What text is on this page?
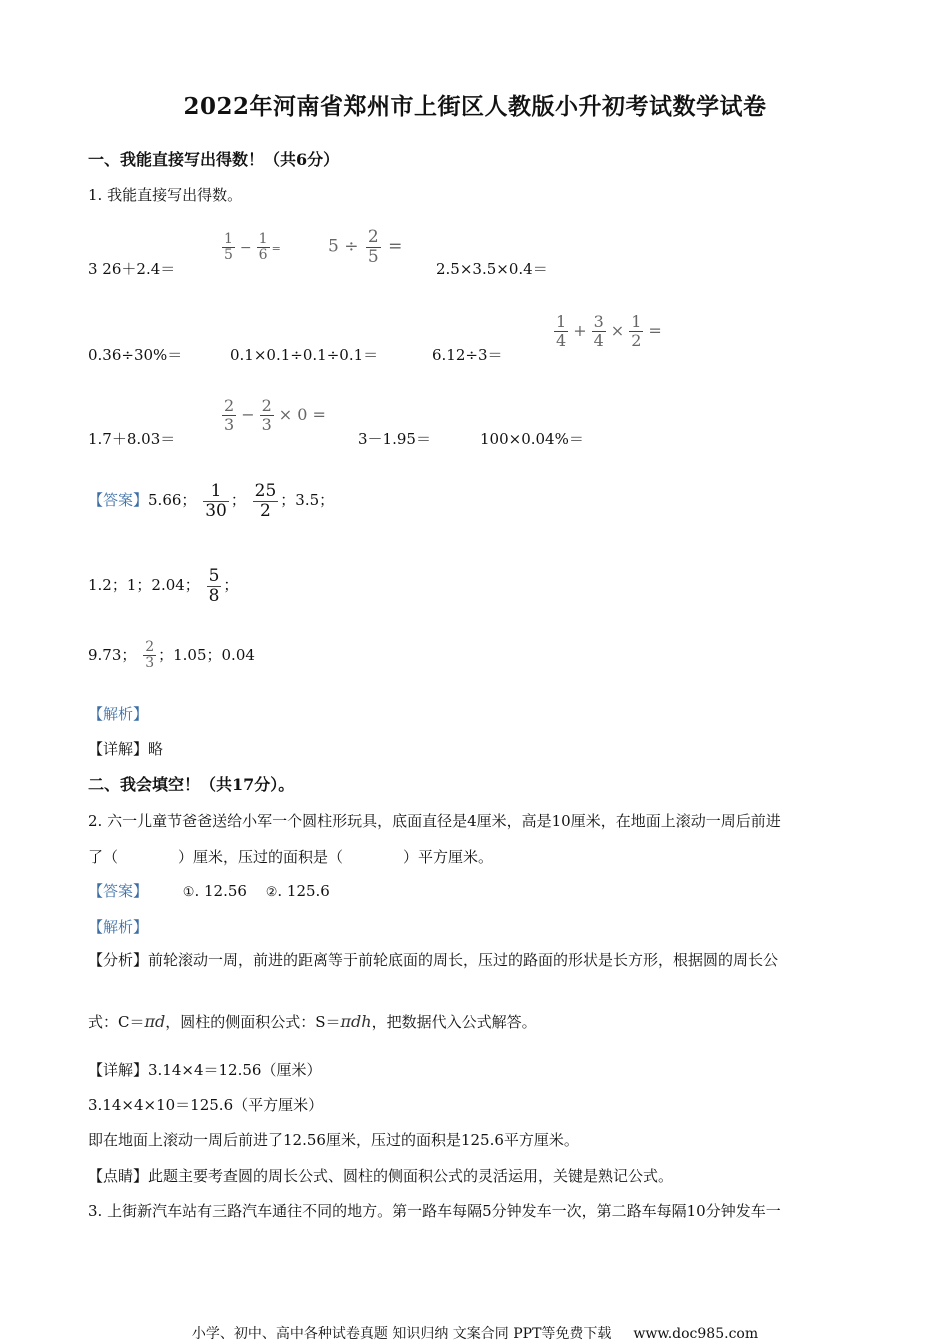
2022年河南省郑州市上街区人教版小升初考试数学试卷
一、我能直接写出得数！（共6分）
1. 我能直接写出得数。
3 26＋2.4＝
$\frac{1}{5} - \frac{1}{6}$ =	$5 \div \frac{2}{5}$ =
2.5×3.5×0.4＝
0.36÷30%＝	0.1×0.1÷0.1÷0.1＝	6.12÷3＝
$\frac{1}{4} + \frac{3}{4} \times \frac{1}{2}$ =
1.7＋8.03＝
$\frac{2}{3} - \frac{2}{3} \times 0$ =
3－1.95＝	100×0.04%＝
【答案】5.66； $\frac{1}{30}$ ； $\frac{25}{2}$ ；3.5；
1.2；1；2.04； $\frac{5}{8}$ ；
9.73； $\frac{2}{3}$ ；1.05；0.04
【解析】
【详解】略
二、我会填空！（共17分）。
2. 六一儿童节爸爸送给小军一个圆柱形玩具，底面直径是4厘米，高是10厘米，在地面上滚动一周后前进
了（　　　　）厘米，压过的面积是（　　　　）平方厘米。
【答案】	①. 12.56 ②. 125.6
【解析】
【分析】前轮滚动一周，前进的距离等于前轮底面的周长，压过的路面的形状是长方形，根据圆的周长公
式：C＝πd，圆柱的侧面积公式：S＝πdh，把数据代入公式解答。
【详解】3.14×4＝12.56（厘米）
3.14×4×10＝125.6（平方厘米）
即在地面上滚动一周后前进了12.56厘米，压过的面积是125.6平方厘米。
【点睛】此题主要考查圆的周长公式、圆柱的侧面积公式的灵活运用，关键是熟记公式。
3. 上街新汽车站有三路汽车通往不同的地方。第一路车每隔5分钟发车一次，第二路车每隔10分钟发车一
小学、初中、高中各种试卷真题 知识归纳 文案合同 PPT等免费下载 www.doc985.com
